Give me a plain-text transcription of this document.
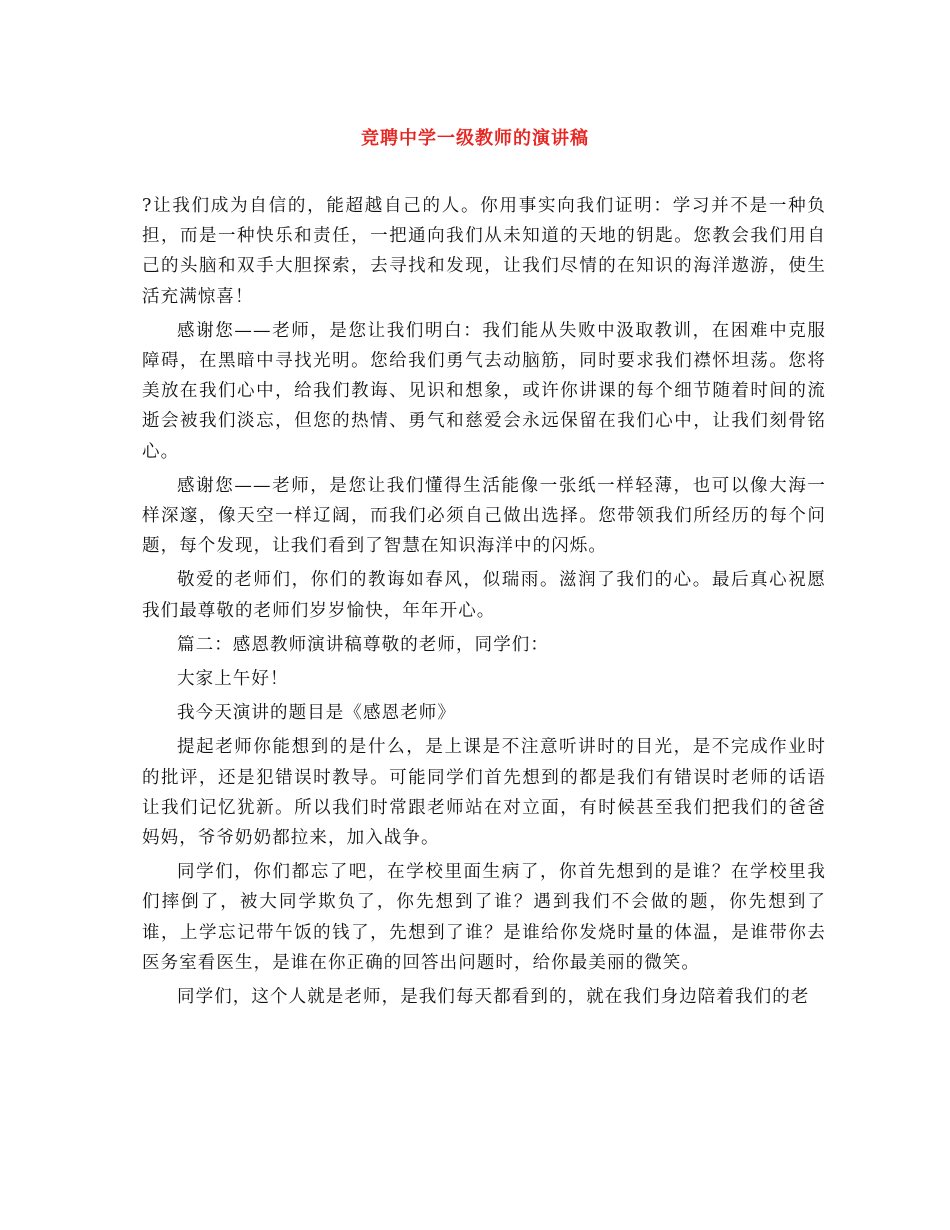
竞聘中学一级教师的演讲稿

?让我们成为自信的，能超越自己的人。你用事实向我们证明：学习并不是一种负担，而是一种快乐和责任，一把通向我们从未知道的天地的钥匙。您教会我们用自己的头脑和双手大胆探索，去寻找和发现，让我们尽情的在知识的海洋遨游，使生活充满惊喜！

感谢您——老师，是您让我们明白：我们能从失败中汲取教训，在困难中克服障碍，在黑暗中寻找光明。您给我们勇气去动脑筋，同时要求我们襟怀坦荡。您将美放在我们心中，给我们教诲、见识和想象，或许你讲课的每个细节随着时间的流逝会被我们淡忘，但您的热情、勇气和慈爱会永远保留在我们心中，让我们刻骨铭心。

感谢您——老师，是您让我们懂得生活能像一张纸一样轻薄，也可以像大海一样深邃，像天空一样辽阔，而我们必须自己做出选择。您带领我们所经历的每个问题，每个发现，让我们看到了智慧在知识海洋中的闪烁。

敬爱的老师们，你们的教诲如春风，似瑞雨。滋润了我们的心。最后真心祝愿我们最尊敬的老师们岁岁愉快，年年开心。

篇二：感恩教师演讲稿尊敬的老师，同学们：

大家上午好！

我今天演讲的题目是《感恩老师》

提起老师你能想到的是什么，是上课是不注意听讲时的目光，是不完成作业时的批评，还是犯错误时教导。可能同学们首先想到的都是我们有错误时老师的话语让我们记忆犹新。所以我们时常跟老师站在对立面，有时候甚至我们把我们的爸爸妈妈，爷爷奶奶都拉来，加入战争。

同学们，你们都忘了吧，在学校里面生病了，你首先想到的是谁？在学校里我们摔倒了，被大同学欺负了，你先想到了谁？遇到我们不会做的题，你先想到了谁，上学忘记带午饭的钱了，先想到了谁？是谁给你发烧时量的体温，是谁带你去医务室看医生，是谁在你正确的回答出问题时，给你最美丽的微笑。

同学们，这个人就是老师，是我们每天都看到的，就在我们身边陪着我们的老
